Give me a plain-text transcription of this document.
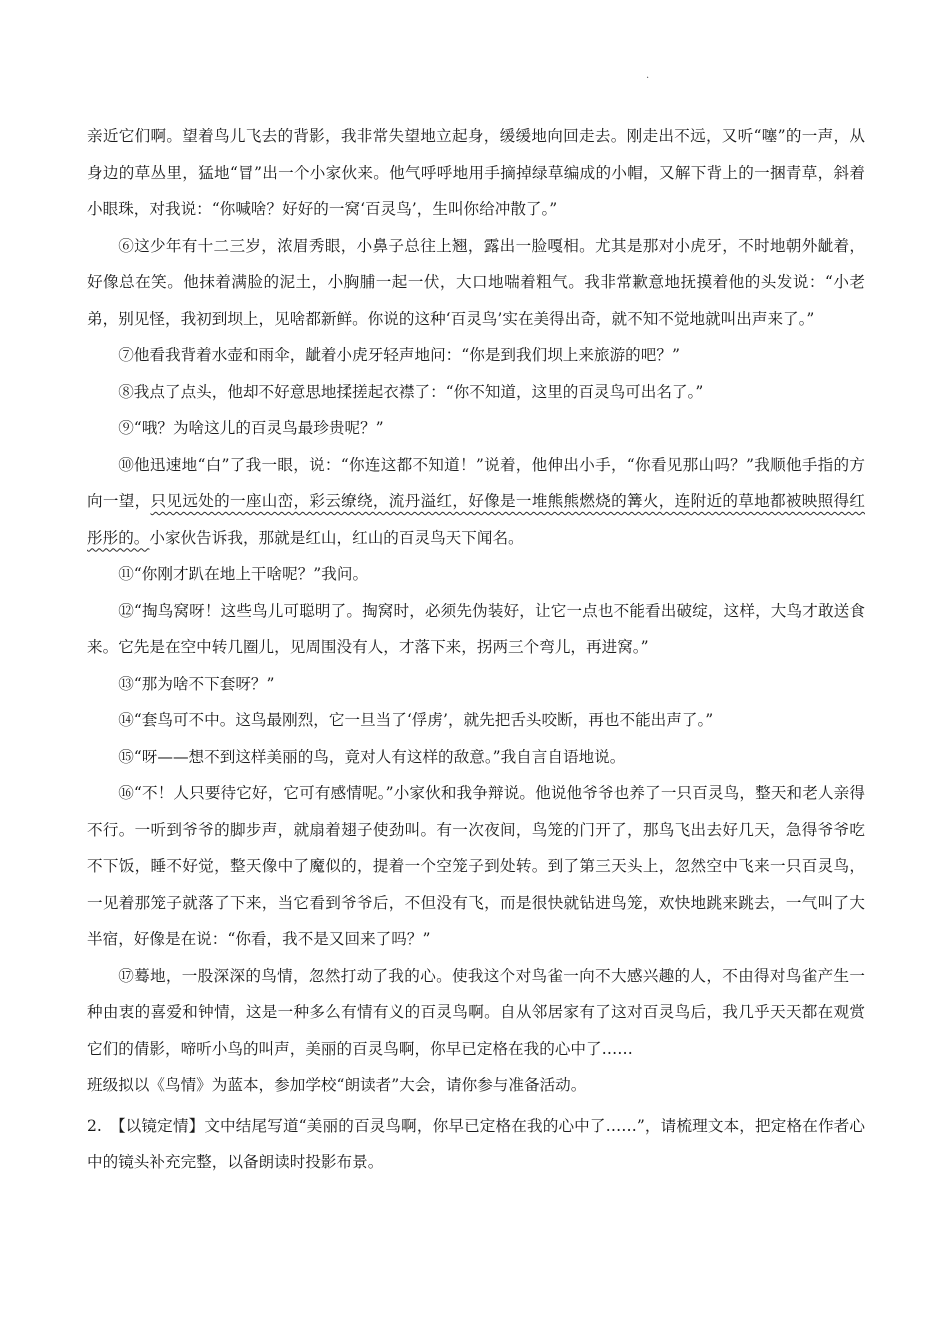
.

亲近它们啊。望着鸟儿飞去的背影，我非常失望地立起身，缓缓地向回走去。刚走出不远，又听“噻”的一声，从身边的草丛里，猛地“冒”出一个小家伙来。他气呼呼地用手摘掉绿草编成的小帽，又解下背上的一捆青草，斜着小眼珠，对我说：“你喊啥？好好的一窝‘百灵鸟’，生叫你给冲散了。”

⑥这少年有十二三岁，浓眉秀眼，小鼻子总往上翘，露出一脸嘎相。尤其是那对小虎牙，不时地朝外龇着，好像总在笑。他抹着满脸的泥土，小胸脯一起一伏，大口地喘着粗气。我非常歉意地抚摸着他的头发说：“小老弟，别见怪，我初到坝上，见啥都新鲜。你说的这种‘百灵鸟’实在美得出奇，就不知不觉地就叫出声来了。”

⑦他看我背着水壶和雨伞，龇着小虎牙轻声地问：“你是到我们坝上来旅游的吧？”

⑧我点了点头，他却不好意思地揉搓起衣襟了：“你不知道，这里的百灵鸟可出名了。”

⑨“哦？为啥这儿的百灵鸟最珍贵呢？”

⑩他迅速地“白”了我一眼，说：“你连这都不知道！”说着，他伸出小手，“你看见那山吗？”我顺他手指的方向一望，只见远处的一座山峦，彩云缭绕，流丹溢红，好像是一堆熊熊燃烧的篝火，连附近的草地都被映照得红彤彤的。小家伙告诉我，那就是红山，红山的百灵鸟天下闻名。

⑪“你刚才趴在地上干啥呢？”我问。

⑫“掏鸟窝呀！这些鸟儿可聪明了。掏窝时，必须先伪装好，让它一点也不能看出破绽，这样，大鸟才敢送食来。它先是在空中转几圈儿，见周围没有人，才落下来，拐两三个弯儿，再进窝。”

⑬“那为啥不下套呀？”

⑭“套鸟可不中。这鸟最刚烈，它一旦当了‘俘虏’，就先把舌头咬断，再也不能出声了。”

⑮“呀——想不到这样美丽的鸟，竟对人有这样的敌意。”我自言自语地说。

⑯“不！人只要待它好，它可有感情呢。”小家伙和我争辩说。他说他爷爷也养了一只百灵鸟，整天和老人亲得不行。一听到爷爷的脚步声，就扇着翅子使劲叫。有一次夜间，鸟笼的门开了，那鸟飞出去好几天，急得爷爷吃不下饭，睡不好觉，整天像中了魔似的，提着一个空笼子到处转。到了第三天头上，忽然空中飞来一只百灵鸟，一见着那笼子就落了下来，当它看到爷爷后，不但没有飞，而是很快就钻进鸟笼，欢快地跳来跳去，一气叫了大半宿，好像是在说：“你看，我不是又回来了吗？”

⑰蓦地，一股深深的鸟情，忽然打动了我的心。使我这个对鸟雀一向不大感兴趣的人，不由得对鸟雀产生一种由衷的喜爱和钟情，这是一种多么有情有义的百灵鸟啊。自从邻居家有了这对百灵鸟后，我几乎天天都在观赏它们的倩影，啼听小鸟的叫声，美丽的百灵鸟啊，你早已定格在我的心中了……

班级拟以《鸟情》为蓝本，参加学校“朗读者”大会，请你参与准备活动。

2.　【以镜定情】文中结尾写道“美丽的百灵鸟啊，你早已定格在我的心中了……”，请梳理文本，把定格在作者心中的镜头补充完整，以备朗读时投影布景。
